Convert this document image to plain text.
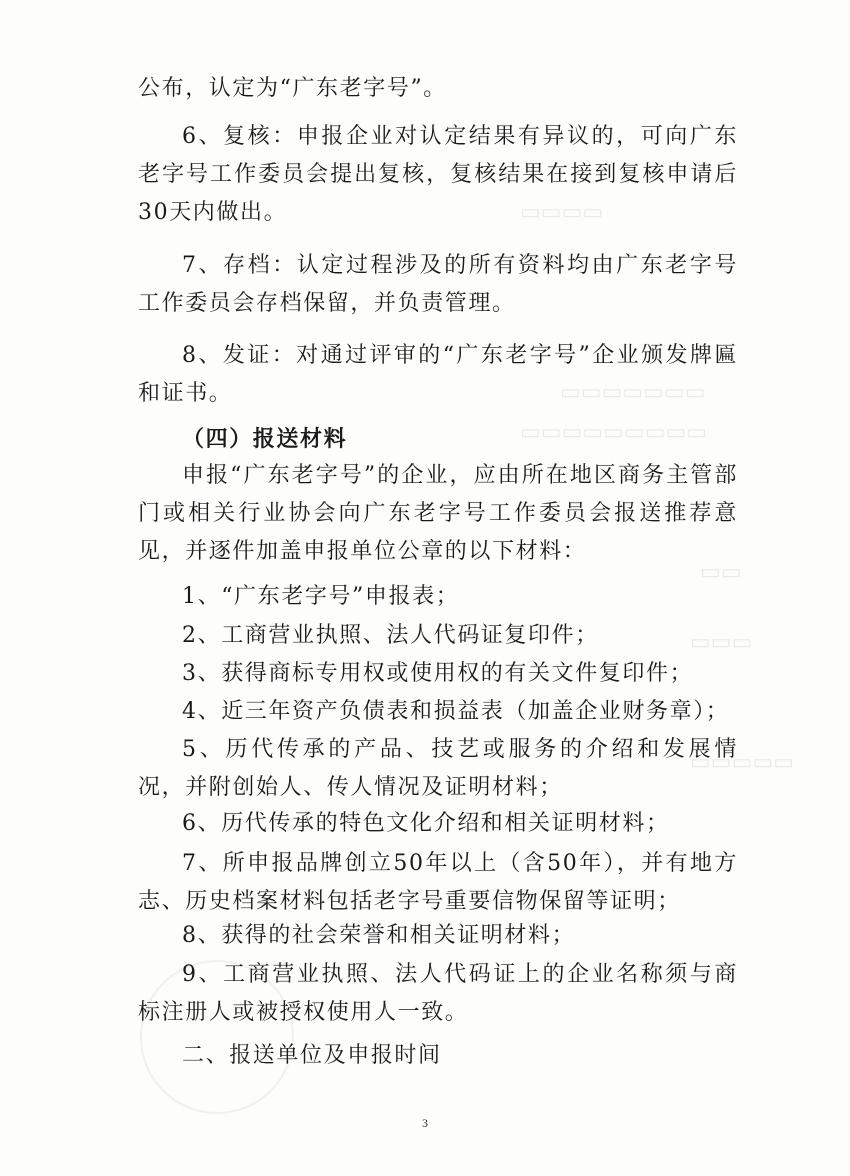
▭▭▭▭
▭▭▭▭▭▭▭
▭▭▭▭▭▭▭▭▭
▭▭
▭▭▭
▭▭▭▭▭

公布，认定为“广东老字号”。

6、复核：申报企业对认定结果有异议的，可向广东老字号工作委员会提出复核，复核结果在接到复核申请后30天内做出。

7、存档：认定过程涉及的所有资料均由广东老字号工作委员会存档保留，并负责管理。

8、发证：对通过评审的“广东老字号”企业颁发牌匾和证书。

（四）报送材料

申报“广东老字号”的企业，应由所在地区商务主管部门或相关行业协会向广东老字号工作委员会报送推荐意见，并逐件加盖申报单位公章的以下材料：

1、“广东老字号”申报表；

2、工商营业执照、法人代码证复印件；

3、获得商标专用权或使用权的有关文件复印件；

4、近三年资产负债表和损益表（加盖企业财务章）；

5、历代传承的产品、技艺或服务的介绍和发展情况，并附创始人、传人情况及证明材料；

6、历代传承的特色文化介绍和相关证明材料；

7、所申报品牌创立50年以上（含50年），并有地方志、历史档案材料包括老字号重要信物保留等证明；

8、获得的社会荣誉和相关证明材料；

9、工商营业执照、法人代码证上的企业名称须与商标注册人或被授权使用人一致。

二、报送单位及申报时间

3
